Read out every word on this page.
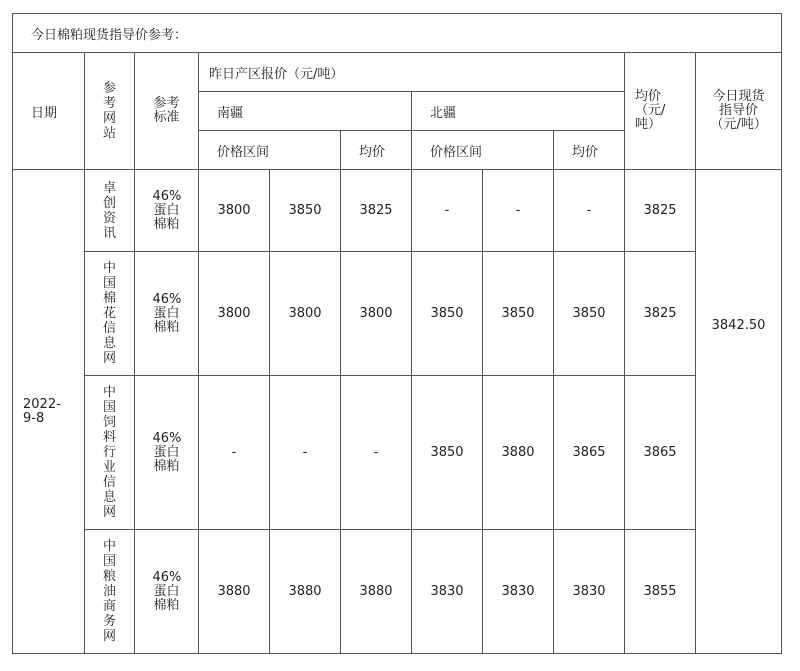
今日棉粕现货指导价参考：										
日期	参考网站	参考标准	昨日产区报价（元/吨）						均价（元/吨）	今日现货指导价（元/吨）

			南疆			北疆				
			价格区间		均价	价格区间		均价		

2022-9-8	卓创资讯	46%蛋白棉粕	3800	3850	3825	-	-	-	3825	3842.50

	中国棉花信息网	46%蛋白棉粕	3800	3800	3800	3850	3850	3850	3825	

	中国饲料行业信息网	46%蛋白棉粕	-	-	-	3850	3880	3865	3865	

	中国粮油商务网	46%蛋白棉粕	3880	3880	3880	3830	3830	3830	3855	
